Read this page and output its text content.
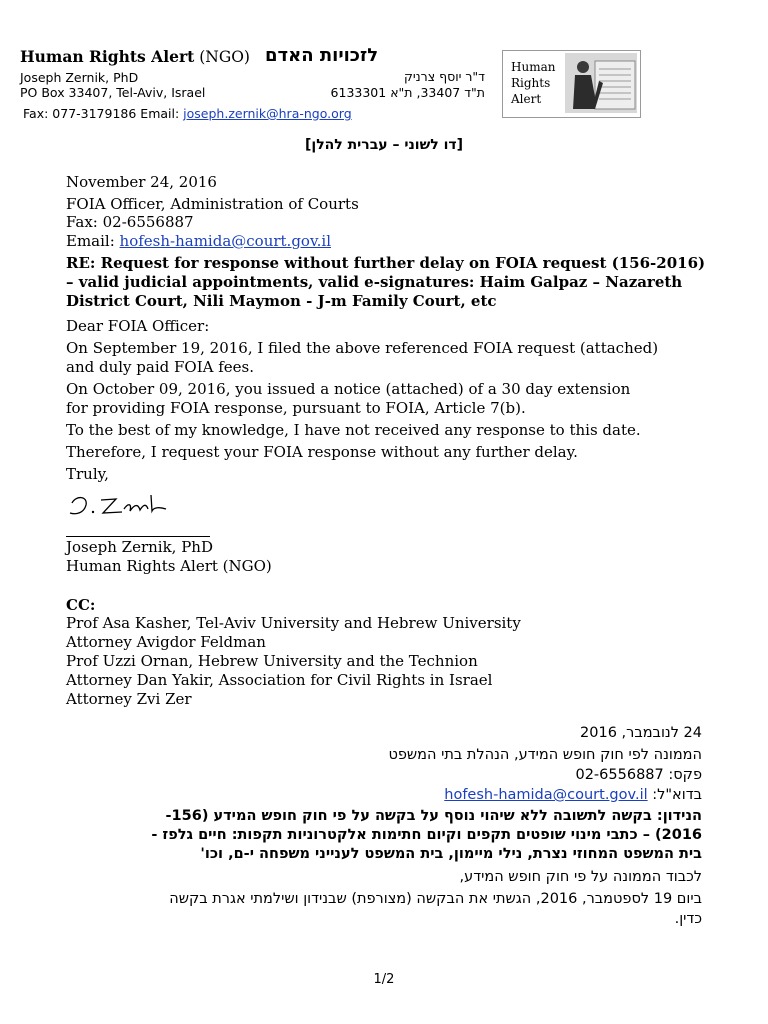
Human Rights Alert (NGO) לזכויות האדם
Joseph Zernik, PhD
PO Box 33407, Tel-Aviv, Israel
Fax: 077-3179186 Email: joseph.zernik@hra-ngo.org
ד"ר יוסף צרניק
ת"ד 33407, ת"א 6133301
Human
Rights
Alert
[דו לשוני – עברית להלן]
November 24, 2016
FOIA Officer, Administration of Courts
Fax: 02-6556887
Email: hofesh-hamida@court.gov.il
RE: Request for response without further delay on FOIA request (156-2016) – valid judicial appointments, valid e-signatures: Haim Galpaz – Nazareth District Court, Nili Maymon - J-m Family Court, etc
Dear FOIA Officer:
On September 19, 2016, I filed the above referenced FOIA request (attached) and duly paid FOIA fees.
On October 09, 2016, you issued a notice (attached) of a 30 day extension for providing FOIA response, pursuant to FOIA, Article 7(b).
To the best of my knowledge, I have not received any response to this date.
Therefore, I request your FOIA response without any further delay.
Truly,
Joseph Zernik, PhD
Human Rights Alert (NGO)
CC:
Prof Asa Kasher, Tel-Aviv University and Hebrew University
Attorney Avigdor Feldman
Prof Uzzi Ornan, Hebrew University and the Technion
Attorney Dan Yakir, Association for Civil Rights in Israel
Attorney Zvi Zer
24 לנובמבר, 2016
הממונה לפי חוק חופש המידע, הנהלת בתי המשפט
פקס: 02-6556887
בדוא"ל: hofesh-hamida@court.gov.il
הנידון: בקשה לתשובה ללא שיהוי נוסף על בקשה על פי חוק חופש המידע (156-
2016) – כתבי מינוי שופטים תקפים וקיום חתימות אלקטרוניות תקפות: חיים גלפז -
בית המשפט המחוזי נצרת, נילי מיימון, בית המשפט לענייני משפחה י-ם, וכו'
לכבוד הממונה על פי חוק חופש המידע,
ביום 19 לספטמבר, 2016, הגשתי את הבקשה (מצורפת) שבנידון ושילמתי אגרת בקשה
כדין.
1/2
